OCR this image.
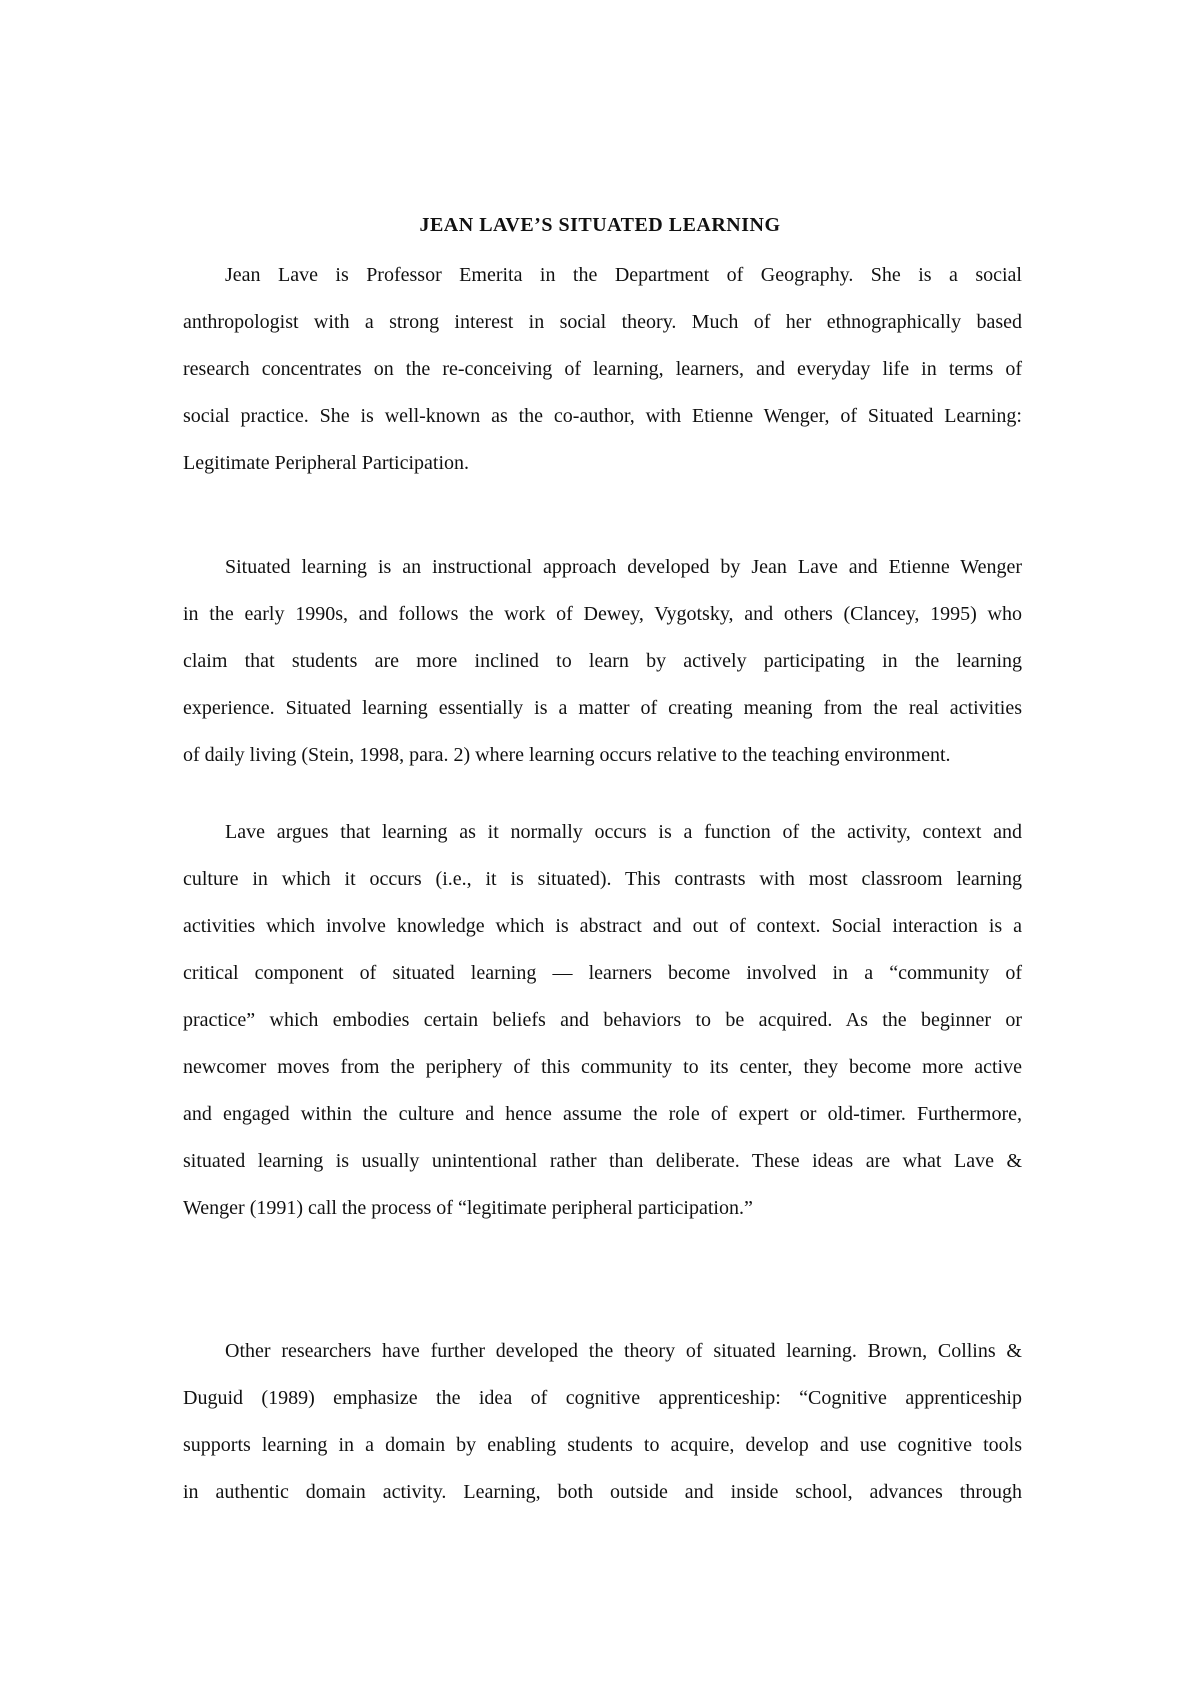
JEAN LAVE’S SITUATED LEARNING
Jean Lave is Professor Emerita in the Department of Geography. She is a social
anthropologist with a strong interest in social theory. Much of her ethnographically based
research concentrates on the re-conceiving of learning, learners, and everyday life in terms of
social practice. She is well-known as the co-author, with Etienne Wenger, of Situated Learning:
Legitimate Peripheral Participation.
Situated learning is an instructional approach developed by Jean Lave and Etienne Wenger
in the early 1990s, and follows the work of Dewey, Vygotsky, and others (Clancey, 1995) who
claim that students are more inclined to learn by actively participating in the learning
experience. Situated learning essentially is a matter of creating meaning from the real activities
of daily living (Stein, 1998, para. 2) where learning occurs relative to the teaching environment.
Lave argues that learning as it normally occurs is a function of the activity, context and
culture in which it occurs (i.e., it is situated). This contrasts with most classroom learning
activities which involve knowledge which is abstract and out of context. Social interaction is a
critical component of situated learning — learners become involved in a “community of
practice” which embodies certain beliefs and behaviors to be acquired. As the beginner or
newcomer moves from the periphery of this community to its center, they become more active
and engaged within the culture and hence assume the role of expert or old-timer. Furthermore,
situated learning is usually unintentional rather than deliberate. These ideas are what Lave &
Wenger (1991) call the process of “legitimate peripheral participation.”
Other researchers have further developed the theory of situated learning. Brown, Collins &
Duguid (1989) emphasize the idea of cognitive apprenticeship: “Cognitive apprenticeship
supports learning in a domain by enabling students to acquire, develop and use cognitive tools
in authentic domain activity. Learning, both outside and inside school, advances through
